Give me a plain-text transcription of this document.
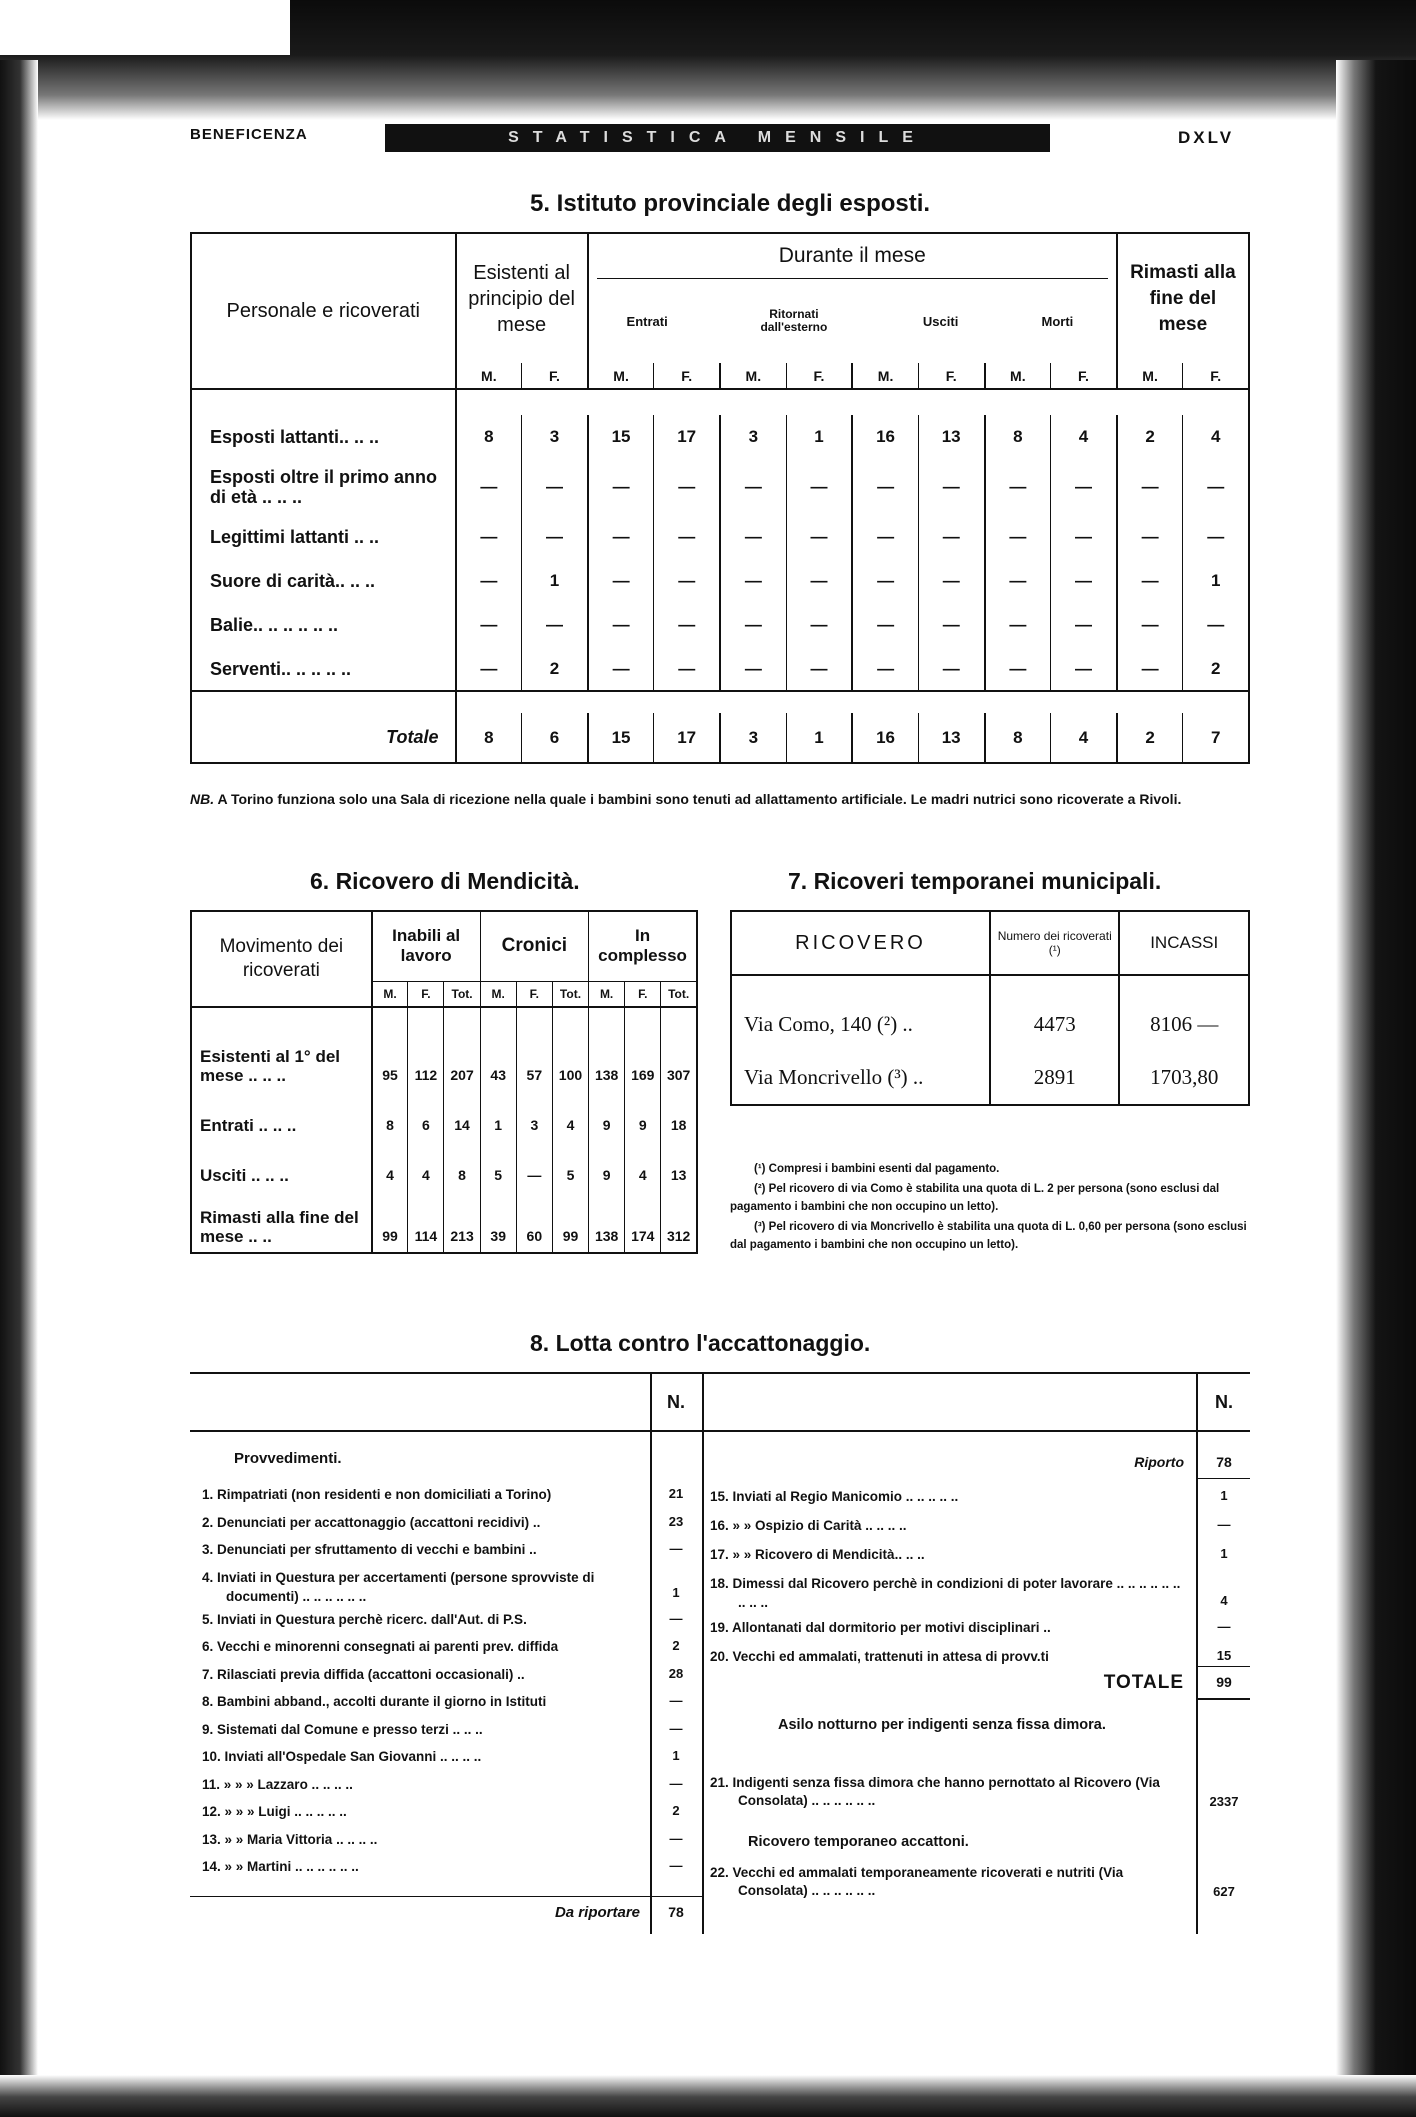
BENEFICENZA	STATISTICA MENSILE	DXLV
5. Istituto provinciale degli esposti.
Personale e ricoverati	Esistenti al principio del mese		Durante il mese
Entrati Ritornati dall'esterno Usciti Morti								Rimasti alla fine del mese	
	M.	F.	M.	F.	M.	F.	M.	F.	M.	F.	M.	F.

Esposti lattanti.. .. ..	8	3	15	17	3	1	16	13	8	4	2	4
Esposti oltre il primo anno di età .. .. ..	—	—	—	—	—	—	—	—	—	—	—	—
Legittimi lattanti .. ..	—	—	—	—	—	—	—	—	—	—	—	—
Suore di carità.. .. ..	—	1	—	—	—	—	—	—	—	—	—	1
Balie.. .. .. .. .. ..	—	—	—	—	—	—	—	—	—	—	—	—
Serventi.. .. .. .. ..	—	2	—	—	—	—	—	—	—	—	—	2

Totale	8	6	15	17	3	1	16	13	8	4	2	7
NB. A Torino funziona solo una Sala di ricezione nella quale i bambini sono tenuti ad allattamento artificiale. Le madri nutrici sono ricoverate a Rivoli.
6. Ricovero di Mendicità.
Movimento dei ricoverati	Inabili al lavoro			Cronici			In complesso		
	M.	F.	Tot.	M.	F.	Tot.	M.	F.	Tot.
Esistenti al 1° del mese .. .. ..	95	112	207	43	57	100	138	169	307
Entrati .. .. ..	8	6	14	1	3	4	9	9	18
Usciti .. .. ..	4	4	8	5	—	5	9	4	13
Rimasti alla fine del mese .. ..	99	114	213	39	60	99	138	174	312
7. Ricoveri temporanei municipali.
RICOVERO	Numero dei ricoverati (¹)	INCASSI

Via Como, 140 (²) ..	4473	8106 —
Via Moncrivello (³) ..	2891	1703,80
(¹) Compresi i bambini esenti dal pagamento.
(²) Pel ricovero di via Como è stabilita una quota di L. 2 per persona (sono esclusi dal pagamento i bambini che non occupino un letto).
(³) Pel ricovero di via Moncrivello è stabilita una quota di L. 0,60 per persona (sono esclusi dal pagamento i bambini che non occupino un letto).
8. Lotta contro l'accattonaggio.
N.	N.
Provvedimenti.
1. Rimpatriati (non residenti e non domiciliati a Torino)	21
2. Denunciati per accattonaggio (accattoni recidivi) ..	23
3. Denunciati per sfruttamento di vecchi e bambini ..	—
4. Inviati in Questura per accertamenti (persone sprovviste di documenti) .. .. .. .. .. ..	1
5. Inviati in Questura perchè ricerc. dall'Aut. di P.S.	—
6. Vecchi e minorenni consegnati ai parenti prev. diffida	2
7. Rilasciati previa diffida (accattoni occasionali) ..	28
8. Bambini abband., accolti durante il giorno in Istituti	—
9. Sistemati dal Comune e presso terzi .. .. ..	—
10. Inviati all'Ospedale San Giovanni .. .. .. ..	1
11. » » » Lazzaro .. .. .. ..	—
12. » » » Luigi .. .. .. .. ..	2
13. » » Maria Vittoria .. .. .. ..	—
14. » » Martini .. .. .. .. .. ..	—
Da riportare	78
Riporto	78
15. Inviati al Regio Manicomio .. .. .. .. ..	1
16. » » Ospizio di Carità .. .. .. ..	—
17. » » Ricovero di Mendicità.. .. ..	1
18. Dimessi dal Ricovero perchè in condizioni di poter lavorare .. .. .. .. .. .. .. .. ..	4
19. Allontanati dal dormitorio per motivi disciplinari ..	—
20. Vecchi ed ammalati, trattenuti in attesa di provv.ti	15
TOTALE	99
Asilo notturno per indigenti senza fissa dimora.
21. Indigenti senza fissa dimora che hanno pernottato al Ricovero (Via Consolata) .. .. .. .. .. ..	2337
Ricovero temporaneo accattoni.
22. Vecchi ed ammalati temporaneamente ricoverati e nutriti (Via Consolata) .. .. .. .. .. ..	627
